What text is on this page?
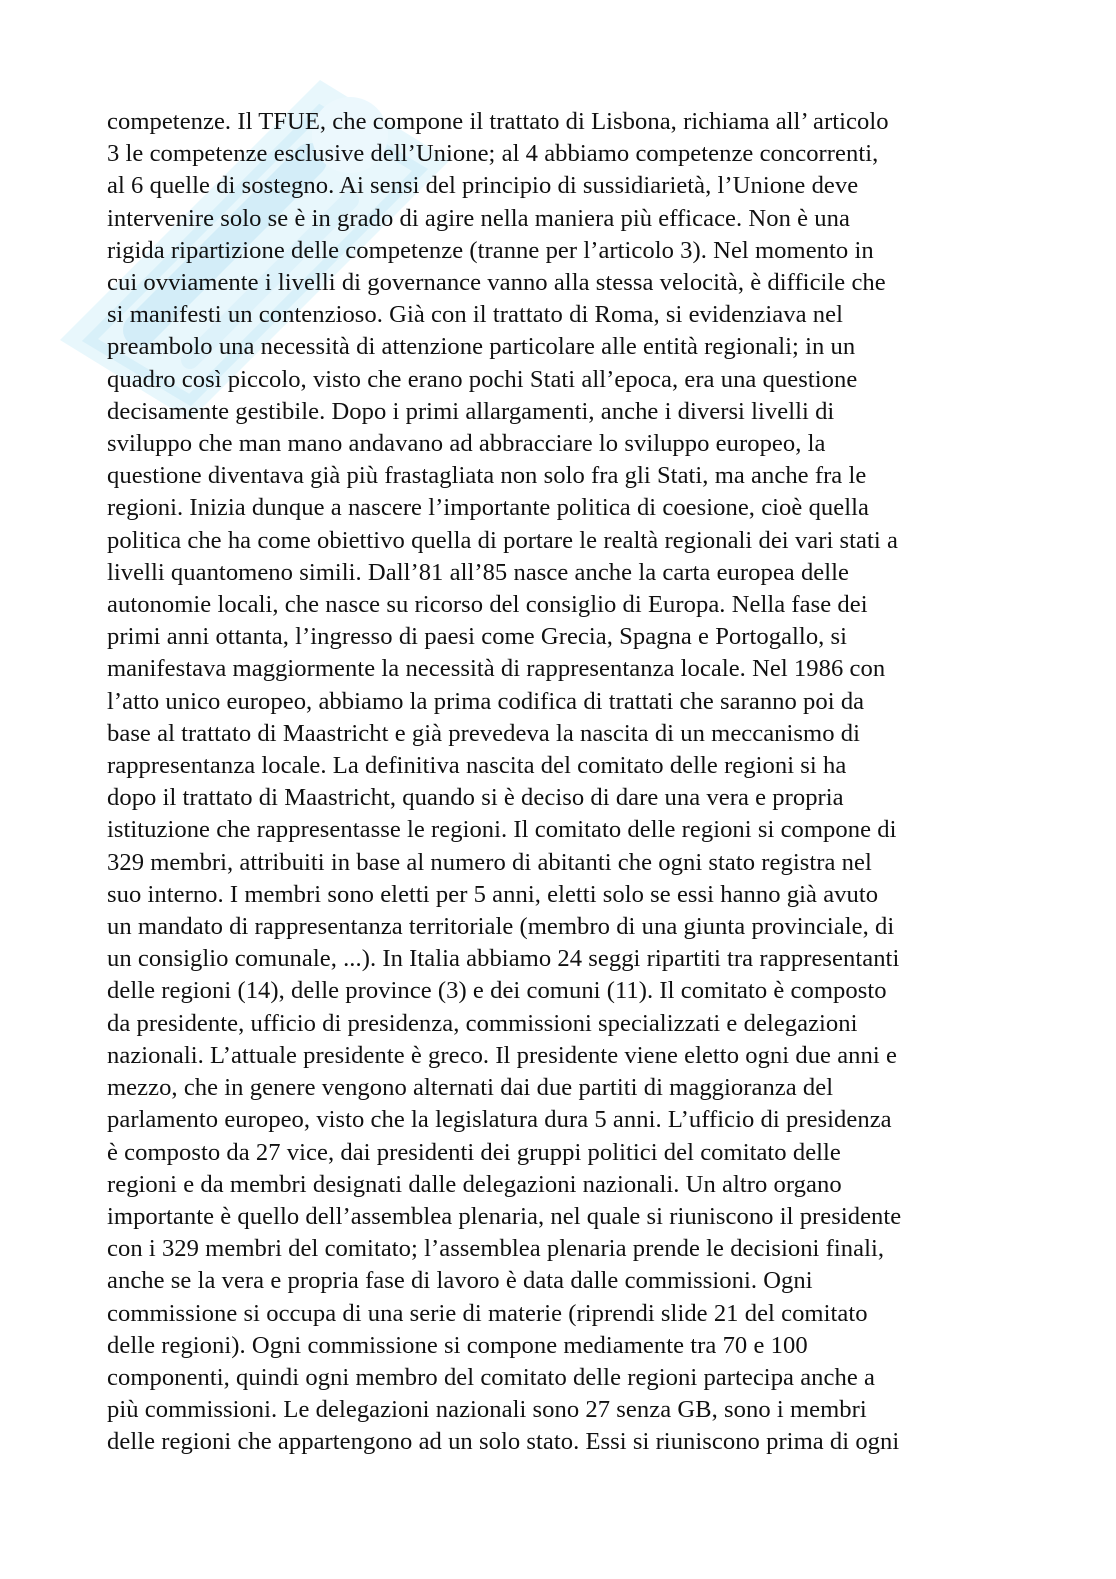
competenze. Il TFUE, che compone il trattato di Lisbona, richiama all’ articolo
3 le competenze esclusive dell’Unione; al 4 abbiamo competenze concorrenti,
al 6 quelle di sostegno. Ai sensi del principio di sussidiarietà, l’Unione deve
intervenire solo se è in grado di agire nella maniera più efficace. Non è una
rigida ripartizione delle competenze (tranne per l’articolo 3). Nel momento in
cui ovviamente i livelli di governance vanno alla stessa velocità, è difficile che
si manifesti un contenzioso. Già con il trattato di Roma, si evidenziava nel
preambolo una necessità di attenzione particolare alle entità regionali; in un
quadro così piccolo, visto che erano pochi Stati all’epoca, era una questione
decisamente gestibile. Dopo i primi allargamenti, anche i diversi livelli di
sviluppo che man mano andavano ad abbracciare lo sviluppo europeo, la
questione diventava già più frastagliata non solo fra gli Stati, ma anche fra le
regioni. Inizia dunque a nascere l’importante politica di coesione, cioè quella
politica che ha come obiettivo quella di portare le realtà regionali dei vari stati a
livelli quantomeno simili. Dall’81 all’85 nasce anche la carta europea delle
autonomie locali, che nasce su ricorso del consiglio di Europa. Nella fase dei
primi anni ottanta, l’ingresso di paesi come Grecia, Spagna e Portogallo, si
manifestava maggiormente la necessità di rappresentanza locale. Nel 1986 con
l’atto unico europeo, abbiamo la prima codifica di trattati che saranno poi da
base al trattato di Maastricht e già prevedeva la nascita di un meccanismo di
rappresentanza locale. La definitiva nascita del comitato delle regioni si ha
dopo il trattato di Maastricht, quando si è deciso di dare una vera e propria
istituzione che rappresentasse le regioni. Il comitato delle regioni si compone di
329 membri, attribuiti in base al numero di abitanti che ogni stato registra nel
suo interno. I membri sono eletti per 5 anni, eletti solo se essi hanno già avuto
un mandato di rappresentanza territoriale (membro di una giunta provinciale, di
un consiglio comunale, ...). In Italia abbiamo 24 seggi ripartiti tra rappresentanti
delle regioni (14), delle province (3) e dei comuni (11). Il comitato è composto
da presidente, ufficio di presidenza, commissioni specializzati e delegazioni
nazionali. L’attuale presidente è greco. Il presidente viene eletto ogni due anni e
mezzo, che in genere vengono alternati dai due partiti di maggioranza del
parlamento europeo, visto che la legislatura dura 5 anni. L’ufficio di presidenza
è composto da 27 vice, dai presidenti dei gruppi politici del comitato delle
regioni e da membri designati dalle delegazioni nazionali. Un altro organo
importante è quello dell’assemblea plenaria, nel quale si riuniscono il presidente
con i 329 membri del comitato; l’assemblea plenaria prende le decisioni finali,
anche se la vera e propria fase di lavoro è data dalle commissioni. Ogni
commissione si occupa di una serie di materie (riprendi slide 21 del comitato
delle regioni). Ogni commissione si compone mediamente tra 70 e 100
componenti, quindi ogni membro del comitato delle regioni partecipa anche a
più commissioni. Le delegazioni nazionali sono 27 senza GB, sono i membri
delle regioni che appartengono ad un solo stato. Essi si riuniscono prima di ogni
